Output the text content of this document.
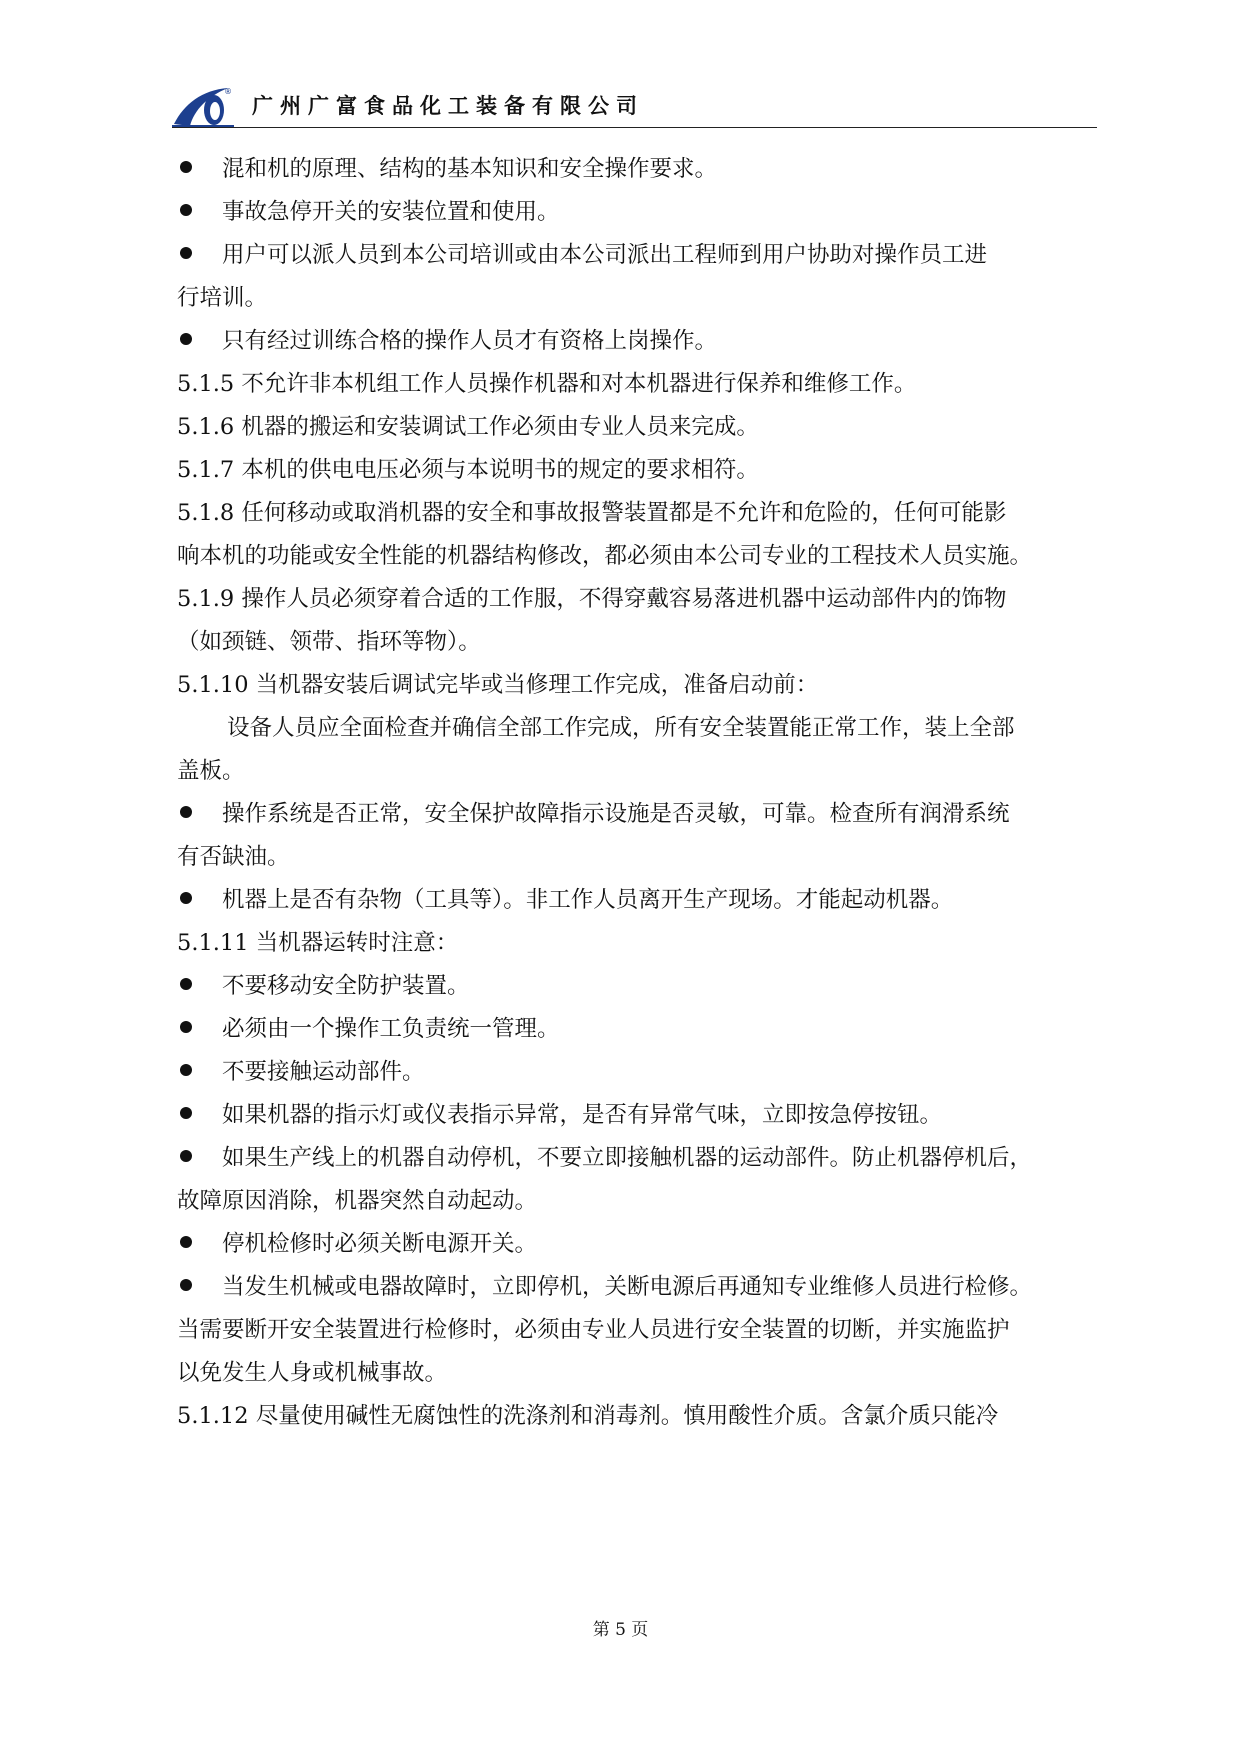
®
广州广富食品化工装备有限公司
混和机的原理、结构的基本知识和安全操作要求。
事故急停开关的安装位置和使用。
用户可以派人员到本公司培训或由本公司派出工程师到用户协助对操作员工进
行培训。
只有经过训练合格的操作人员才有资格上岗操作。
5.1.5 不允许非本机组工作人员操作机器和对本机器进行保养和维修工作。
5.1.6 机器的搬运和安装调试工作必须由专业人员来完成。
5.1.7 本机的供电电压必须与本说明书的规定的要求相符。
5.1.8 任何移动或取消机器的安全和事故报警装置都是不允许和危险的，任何可能影
响本机的功能或安全性能的机器结构修改，都必须由本公司专业的工程技术人员实施。
5.1.9 操作人员必须穿着合适的工作服，不得穿戴容易落进机器中运动部件内的饰物
（如颈链、领带、指环等物）。
5.1.10 当机器安装后调试完毕或当修理工作完成，准备启动前：
设备人员应全面检查并确信全部工作完成，所有安全装置能正常工作，装上全部
盖板。
操作系统是否正常，安全保护故障指示设施是否灵敏，可靠。检查所有润滑系统
有否缺油。
机器上是否有杂物（工具等）。非工作人员离开生产现场。才能起动机器。
5.1.11 当机器运转时注意：
不要移动安全防护装置。
必须由一个操作工负责统一管理。
不要接触运动部件。
如果机器的指示灯或仪表指示异常，是否有异常气味，立即按急停按钮。
如果生产线上的机器自动停机，不要立即接触机器的运动部件。防止机器停机后，
故障原因消除，机器突然自动起动。
停机检修时必须关断电源开关。
当发生机械或电器故障时，立即停机，关断电源后再通知专业维修人员进行检修。
当需要断开安全装置进行检修时，必须由专业人员进行安全装置的切断，并实施监护
以免发生人身或机械事故。
5.1.12 尽量使用碱性无腐蚀性的洗涤剂和消毒剂。慎用酸性介质。含氯介质只能冷
第 5 页
